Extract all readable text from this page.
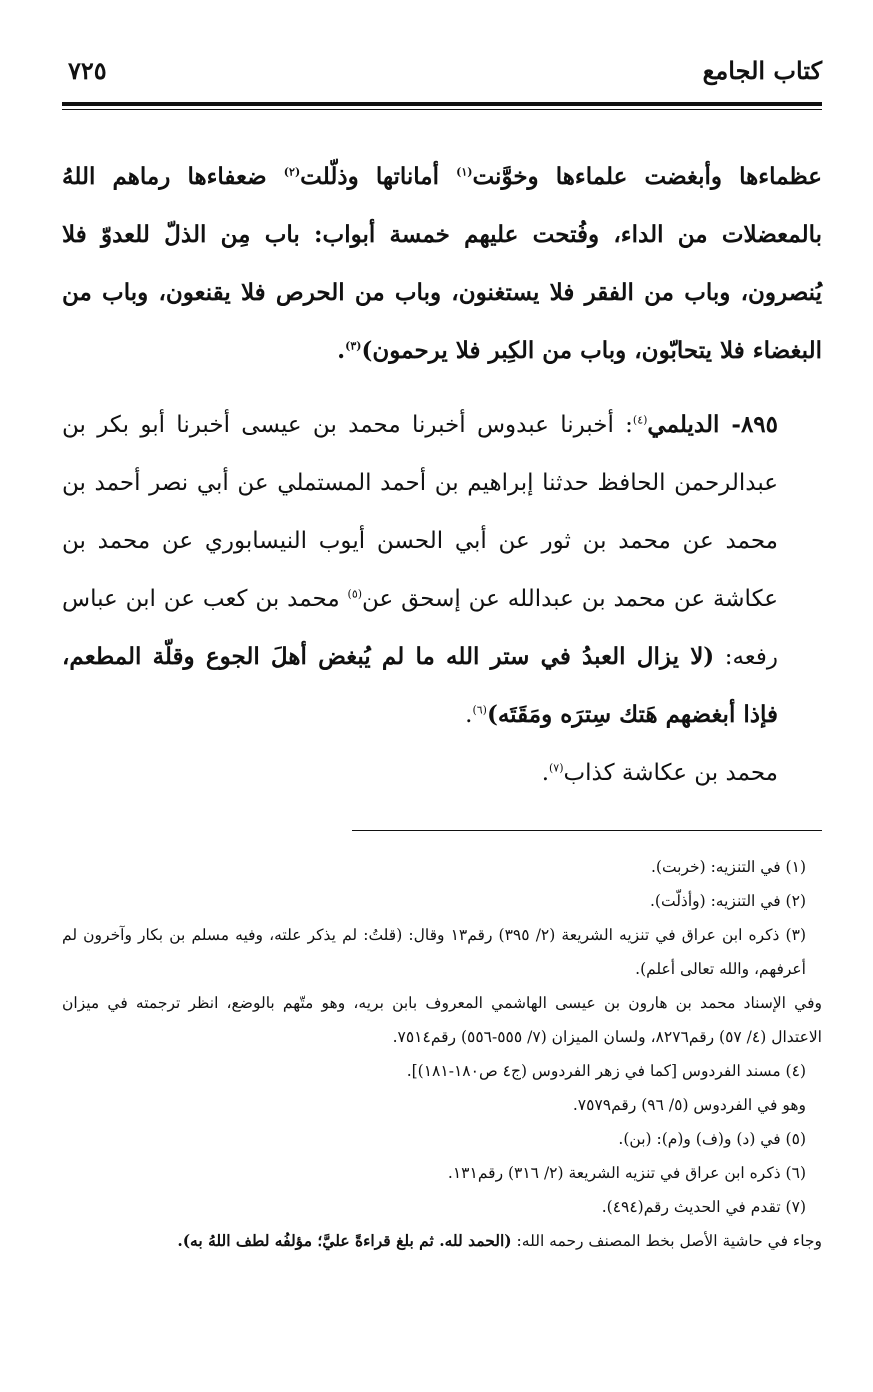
كتاب الجامع
٧٢٥

عظماءها وأبغضت علماءها وخوَّنت$^{(١)}$ أماناتها وذلّلت$^{(٢)}$ ضعفاءها رماهم اللهُ بالمعضلات من الداء، وفُتحت عليهم خمسة أبواب: باب مِن الذلّ للعدوّ فلا يُنصرون، وباب من الفقر فلا يستغنون، وباب من الحرص فلا يقنعون، وباب من البغضاء فلا يتحابّون، وباب من الكِبر فلا يرحمون)$^{(٣)}$.

٨٩٥- الديلمي$^{(٤)}$: أخبرنا عبدوس أخبرنا محمد بن عيسى أخبرنا أبو بكر بن عبدالرحمن الحافظ حدثنا إبراهيم بن أحمد المستملي عن أبي نصر أحمد بن محمد عن محمد بن ثور عن أبي الحسن أيوب النيسابوري عن محمد بن عكاشة عن محمد بن عبدالله عن إسحق عن$^{(٥)}$ محمد بن كعب عن ابن عباس رفعه: (لا يزال العبدُ في ستر الله ما لم يُبغض أهلَ الجوع وقلّة المطعم، فإذا أبغضهم هَتك سِترَه ومَقَتَه)$^{(٦)}$.

محمد بن عكاشة كذاب$^{(٧)}$.

(١) في التنزيه: (خربت).

(٢) في التنزيه: (وأذلّت).

(٣) ذكره ابن عراق في تنزيه الشريعة (٢/ ٣٩٥) رقم١٣ وقال: (قلتُ: لم يذكر علته، وفيه مسلم بن بكار وآخرون لم أعرفهم، والله تعالى أعلم).

وفي الإسناد محمد بن هارون بن عيسى الهاشمي المعروف بابن بريه، وهو متّهم بالوضع، انظر ترجمته في ميزان الاعتدال (٤/ ٥٧) رقم٨٢٧٦، ولسان الميزان (٧/ ٥٥٥-٥٥٦) رقم٧٥١٤.

(٤) مسند الفردوس [كما في زهر الفردوس (ج٤ ص١٨٠-١٨١)].

وهو في الفردوس (٥/ ٩٦) رقم٧٥٧٩.

(٥) في (د) و(ف) و(م): (بن).

(٦) ذكره ابن عراق في تنزيه الشريعة (٢/ ٣١٦) رقم١٣١.

(٧) تقدم في الحديث رقم(٤٩٤).

وجاء في حاشية الأصل بخط المصنف رحمه الله: (الحمد لله. ثم بلغ قراءةً عليَّ؛ مؤلفُه لطف اللهُ به).
